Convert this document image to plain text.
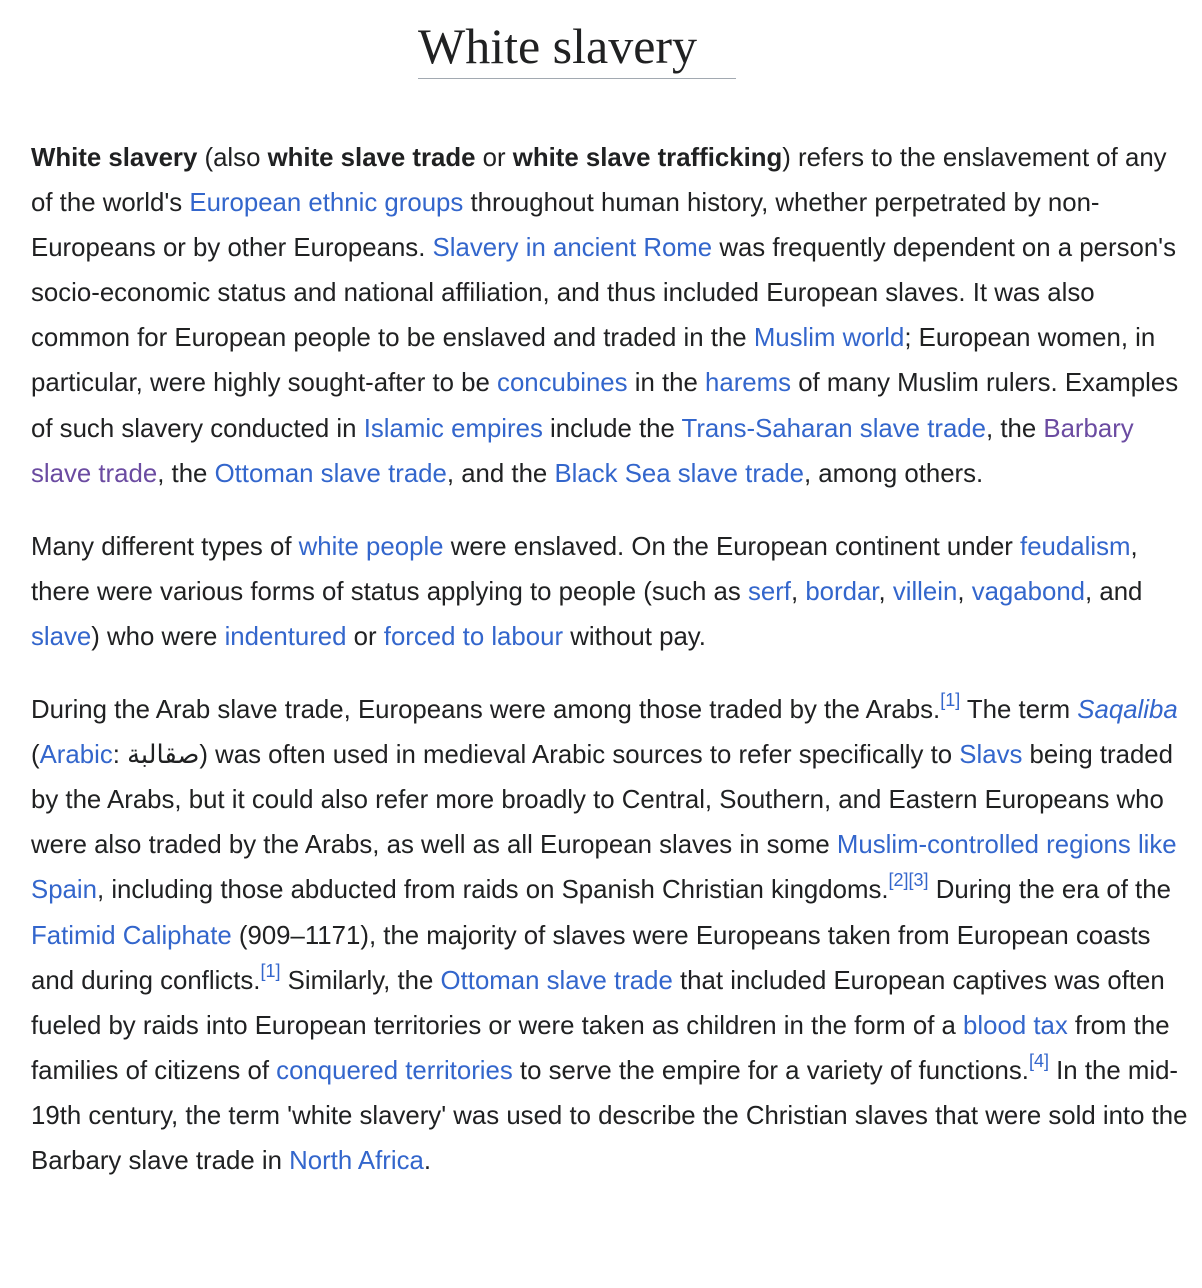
White slavery

White slavery (also white slave trade or white slave trafficking) refers to the enslavement of any of the world's European ethnic groups throughout human history, whether perpetrated by non-Europeans or by other Europeans. Slavery in ancient Rome was frequently dependent on a person's socio-economic status and national affiliation, and thus included European slaves. It was also common for European people to be enslaved and traded in the Muslim world; European women, in particular, were highly sought-after to be concubines in the harems of many Muslim rulers. Examples of such slavery conducted in Islamic empires include the Trans-Saharan slave trade, the Barbary slave trade, the Ottoman slave trade, and the Black Sea slave trade, among others.

Many different types of white people were enslaved. On the European continent under feudalism, there were various forms of status applying to people (such as serf, bordar, villein, vagabond, and slave) who were indentured or forced to labour without pay.

During the Arab slave trade, Europeans were among those traded by the Arabs.[1] The term Saqaliba (Arabic: صقالبة) was often used in medieval Arabic sources to refer specifically to Slavs being traded by the Arabs, but it could also refer more broadly to Central, Southern, and Eastern Europeans who were also traded by the Arabs, as well as all European slaves in some Muslim-controlled regions like Spain, including those abducted from raids on Spanish Christian kingdoms.[2][3] During the era of the Fatimid Caliphate (909–1171), the majority of slaves were Europeans taken from European coasts and during conflicts.[1] Similarly, the Ottoman slave trade that included European captives was often fueled by raids into European territories or were taken as children in the form of a blood tax from the families of citizens of conquered territories to serve the empire for a variety of functions.[4] In the mid-19th century, the term 'white slavery' was used to describe the Christian slaves that were sold into the Barbary slave trade in North Africa.
